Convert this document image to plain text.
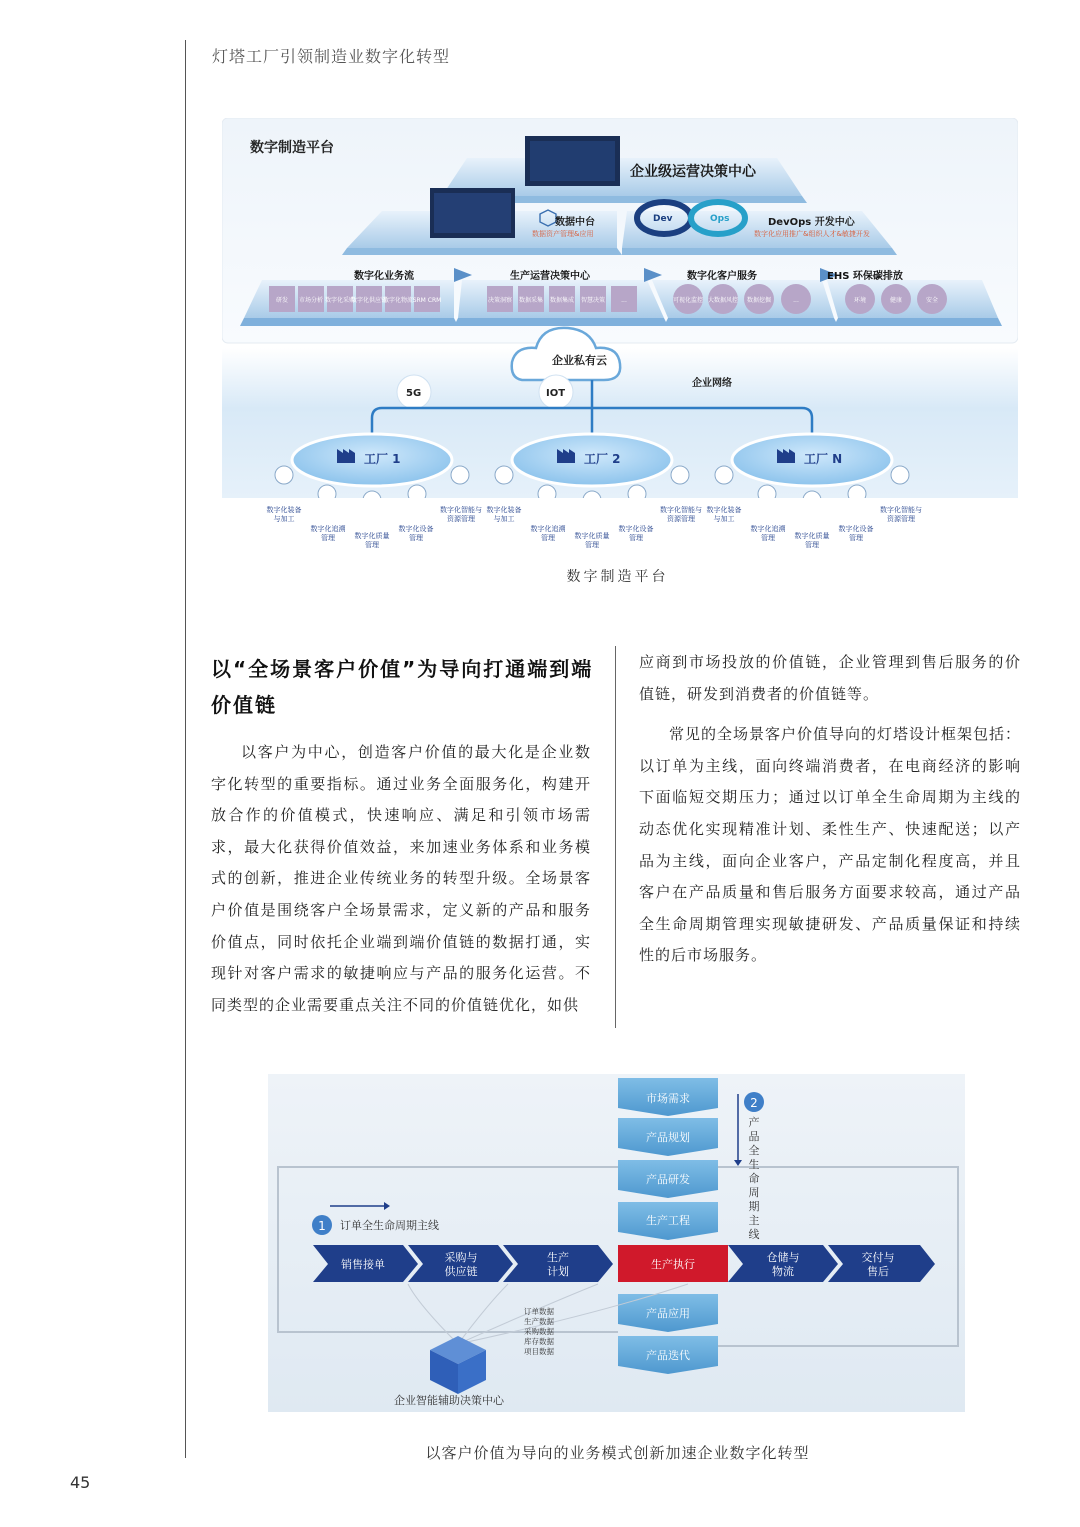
灯塔工厂引领制造业数字化转型
数字制造平台
企业级运营决策中心
数据中台
数据资产管理&应用
Dev	Ops	DevOps 开发中心
数字化应用推广&组织人才&敏捷开发
数字化业务流	生产运营决策中心	数字化客户服务	EHS 环保碳排放
研发 市场分析 数字化采购
数字化供应链
数字化物流 SRM CRM	决策洞察 数据采集 数据集成 智慧决策	...	可视化监控 大数据风控 数据挖掘	...	环境	健康	安全
企业私有云
5G	IOT
企业网络
工厂 1	工厂 2	工厂 N
数字化装备与加工
数字化追溯管理	数字化质量管理
数字化设备管理
数字化智能与资源管理
数字化装备与加工
数字化追溯管理	数字化质量管理
数字化设备管理
数字化智能与资源管理
数字化装备与加工
数字化追溯管理	数字化质量管理
数字化设备管理
数字化智能与资源管理
数字制造平台
以“全场景客户价值”为导向打通端到端价值链

以客户为中心，创造客户价值的最大化是企业数字化转型的重要指标。通过业务全面服务化，构建开放合作的价值模式，快速响应、满足和引领市场需求，最大化获得价值效益，来加速业务体系和业务模式的创新，推进企业传统业务的转型升级。全场景客户价值是围绕客户全场景需求，定义新的产品和服务价值点，同时依托企业端到端价值链的数据打通，实现针对客户需求的敏捷响应与产品的服务化运营。不同类型的企业需要重点关注不同的价值链优化，如供

应商到市场投放的价值链，企业管理到售后服务的价值链，研发到消费者的价值链等。

常见的全场景客户价值导向的灯塔设计框架包括：以订单为主线，面向终端消费者，在电商经济的影响下面临短交期压力；通过以订单全生命周期为主线的动态优化实现精准计划、柔性生产、快速配送；以产品为主线，面向企业客户，产品定制化程度高，并且客户在产品质量和售后服务方面要求较高，通过产品全生命周期管理实现敏捷研发、产品质量保证和持续性的后市场服务。

市场需求
产品规划
产品研发
生产工程
销售接单
采购与
供应链
生产
计划
生产执行
仓储与
物流
交付与
售后
产品应用
产品迭代
1 订单全生命周期主线
2
产
品
全
生
命
周
期
主
线
订单数据
生产数据
采购数据
库存数据
项目数据
企业智能辅助决策中心
以客户价值为导向的业务模式创新加速企业数字化转型
45
